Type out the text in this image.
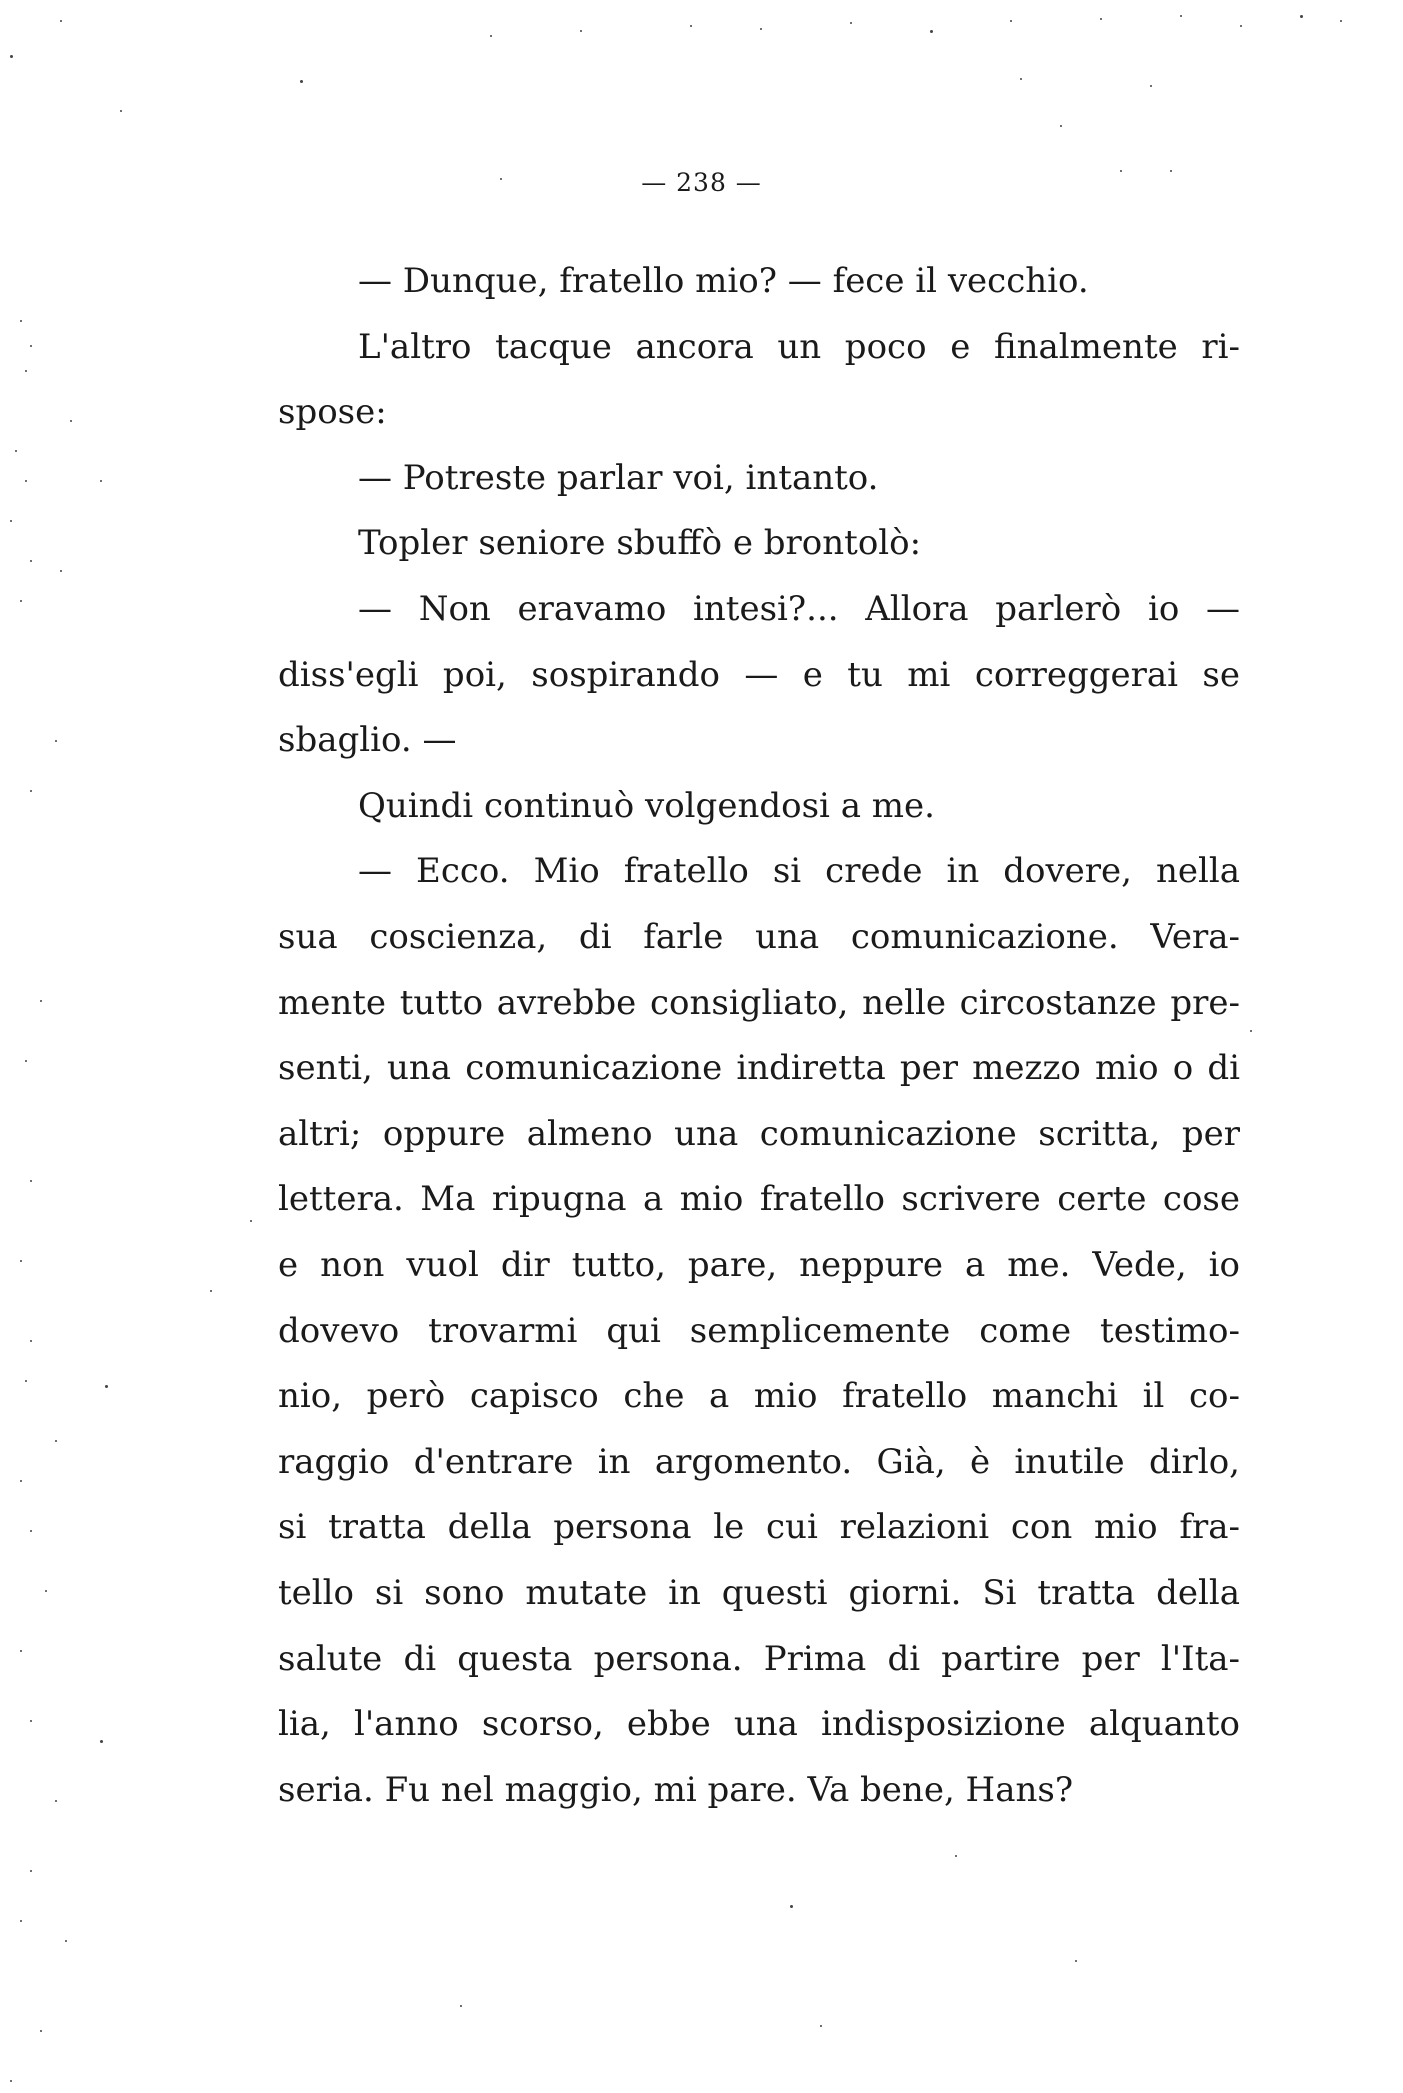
— 238 —
— Dunque, fratello mio? — fece il vecchio.
L'altro tacque ancora un poco e finalmente ri-
spose:
— Potreste parlar voi, intanto.
Topler seniore sbuffò e brontolò:
— Non eravamo intesi?... Allora parlerò io —
diss'egli poi, sospirando — e tu mi correggerai se
sbaglio. —
Quindi continuò volgendosi a me.
— Ecco. Mio fratello si crede in dovere, nella
sua coscienza, di farle una comunicazione. Vera-
mente tutto avrebbe consigliato, nelle circostanze pre-
senti, una comunicazione indiretta per mezzo mio o di
altri; oppure almeno una comunicazione scritta, per
lettera. Ma ripugna a mio fratello scrivere certe cose
e non vuol dir tutto, pare, neppure a me. Vede, io
dovevo trovarmi qui semplicemente come testimo-
nio, però capisco che a mio fratello manchi il co-
raggio d'entrare in argomento. Già, è inutile dirlo,
si tratta della persona le cui relazioni con mio fra-
tello si sono mutate in questi giorni. Si tratta della
salute di questa persona. Prima di partire per l'Ita-
lia, l'anno scorso, ebbe una indisposizione alquanto
seria. Fu nel maggio, mi pare. Va bene, Hans?
